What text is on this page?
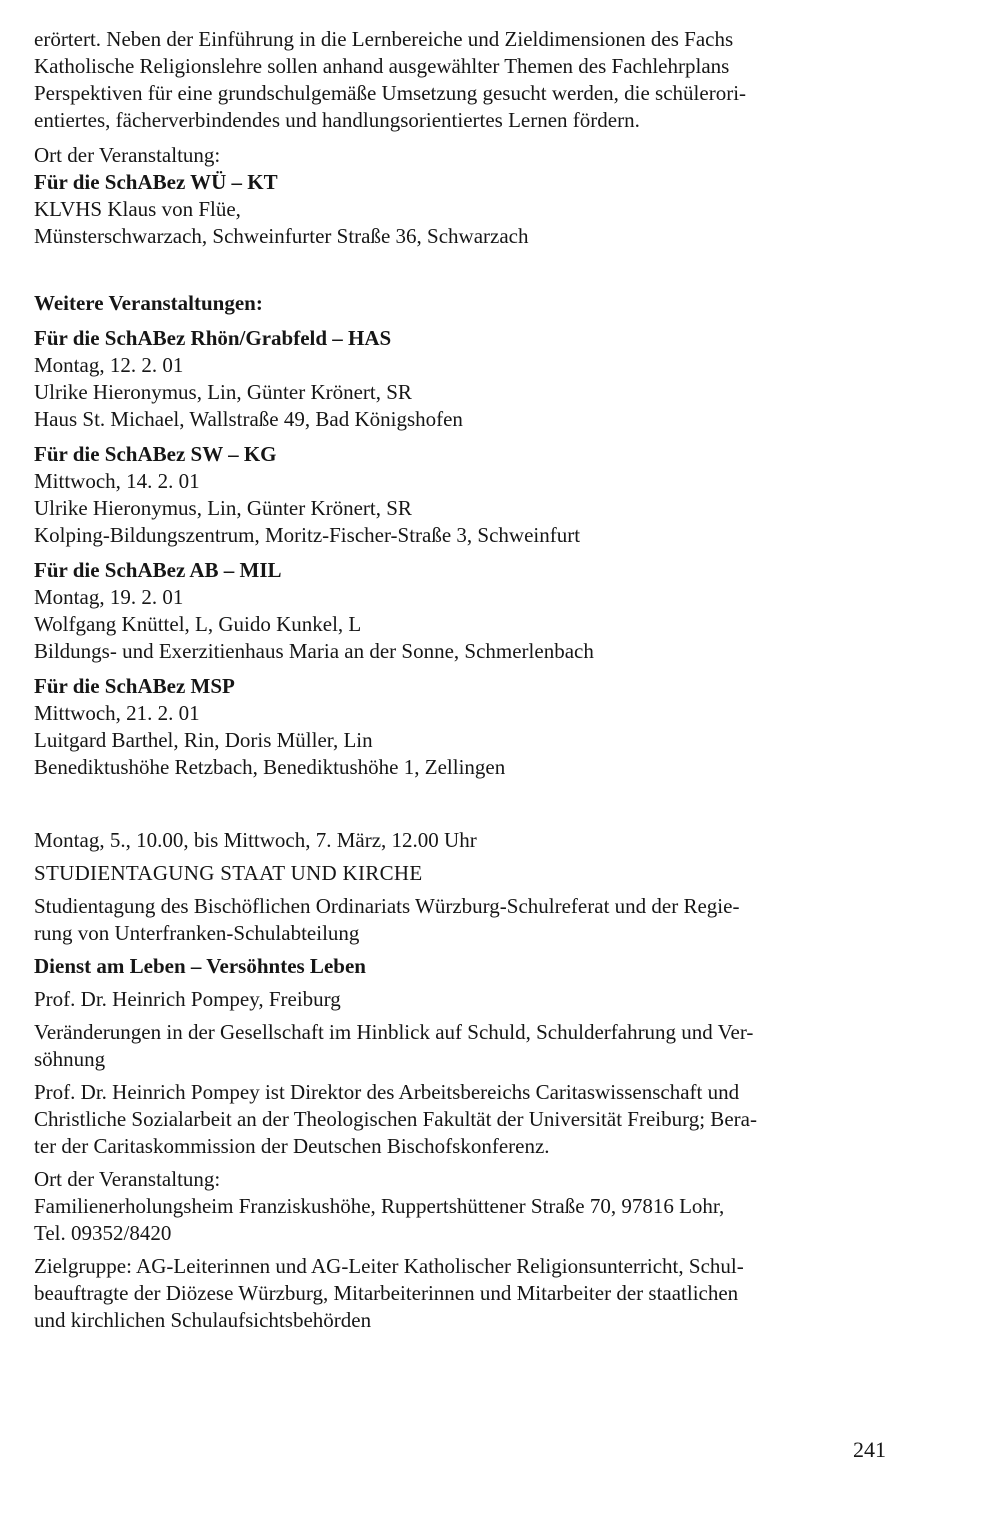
erörtert. Neben der Einführung in die Lernbereiche und Zieldimensionen des Fachs
Katholische Religionslehre sollen anhand ausgewählter Themen des Fachlehrplans
Perspektiven für eine grundschulgemäße Umsetzung gesucht werden, die schülerori-
entiertes, fächerverbindendes und handlungsorientiertes Lernen fördern.

Ort der Veranstaltung:

Für die SchABez WÜ – KT

KLVHS Klaus von Flüe,

Münsterschwarzach, Schweinfurter Straße 36, Schwarzach

Weitere Veranstaltungen:

Für die SchABez Rhön/Grabfeld – HAS

Montag, 12. 2. 01

Ulrike Hieronymus, Lin, Günter Krönert, SR

Haus St. Michael, Wallstraße 49, Bad Königshofen

Für die SchABez SW – KG

Mittwoch, 14. 2. 01

Ulrike Hieronymus, Lin, Günter Krönert, SR

Kolping-Bildungszentrum, Moritz-Fischer-Straße 3, Schweinfurt

Für die SchABez AB – MIL

Montag, 19. 2. 01

Wolfgang Knüttel, L, Guido Kunkel, L

Bildungs- und Exerzitienhaus Maria an der Sonne, Schmerlenbach

Für die SchABez MSP

Mittwoch, 21. 2. 01

Luitgard Barthel, Rin, Doris Müller, Lin

Benediktushöhe Retzbach, Benediktushöhe 1, Zellingen

Montag, 5., 10.00, bis Mittwoch, 7. März, 12.00 Uhr

STUDIENTAGUNG STAAT UND KIRCHE

Studientagung des Bischöflichen Ordinariats Würzburg-Schulreferat und der Regie-
rung von Unterfranken-Schulabteilung

Dienst am Leben – Versöhntes Leben

Prof. Dr. Heinrich Pompey, Freiburg

Veränderungen in der Gesellschaft im Hinblick auf Schuld, Schulderfahrung und Ver-
söhnung

Prof. Dr. Heinrich Pompey ist Direktor des Arbeitsbereichs Caritaswissenschaft und
Christliche Sozialarbeit an der Theologischen Fakultät der Universität Freiburg; Bera-
ter der Caritaskommission der Deutschen Bischofskonferenz.

Ort der Veranstaltung:

Familienerholungsheim Franziskushöhe, Ruppertshüttener Straße 70, 97816 Lohr,
Tel. 09352/8420

Zielgruppe: AG-Leiterinnen und AG-Leiter Katholischer Religionsunterricht, Schul-
beauftragte der Diözese Würzburg, Mitarbeiterinnen und Mitarbeiter der staatlichen
und kirchlichen Schulaufsichtsbehörden

241
